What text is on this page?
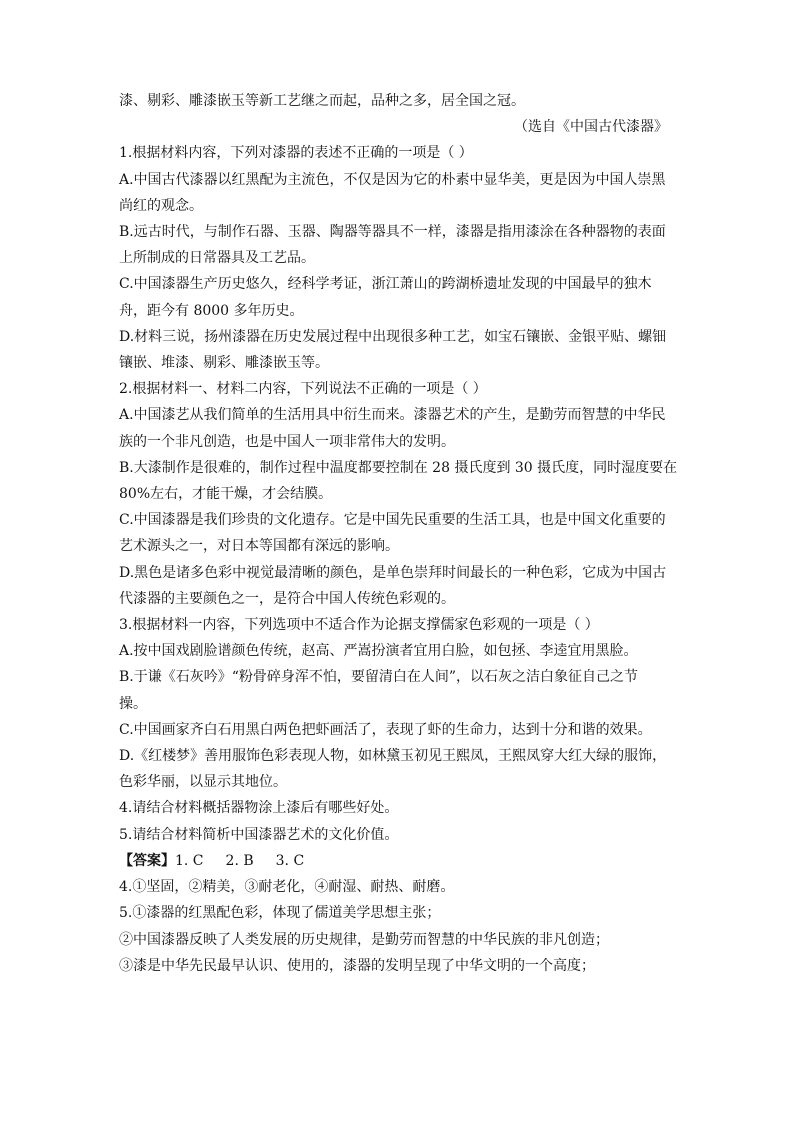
漆、剔彩、雕漆嵌玉等新工艺继之而起，品种之多，居全国之冠。
（选自《中国古代漆器》
1.根据材料内容，下列对漆器的表述不正确的一项是（ ）
A.中国古代漆器以红黑配为主流色，不仅是因为它的朴素中显华美，更是因为中国人崇黑
尚红的观念。
B.远古时代，与制作石器、玉器、陶器等器具不一样，漆器是指用漆涂在各种器物的表面
上所制成的日常器具及工艺品。
C.中国漆器生产历史悠久，经科学考证，浙江萧山的跨湖桥遗址发现的中国最早的独木
舟，距今有 8000 多年历史。
D.材料三说，扬州漆器在历史发展过程中出现很多种工艺，如宝石镶嵌、金银平贴、螺钿
镶嵌、堆漆、剔彩、雕漆嵌玉等。
2.根据材料一、材料二内容，下列说法不正确的一项是（ ）
A.中国漆艺从我们简单的生活用具中衍生而来。漆器艺术的产生，是勤劳而智慧的中华民
族的一个非凡创造，也是中国人一项非常伟大的发明。
B.大漆制作是很难的，制作过程中温度都要控制在 28 摄氏度到 30 摄氏度，同时湿度要在
80%左右，才能干燥，才会结膜。
C.中国漆器是我们珍贵的文化遗存。它是中国先民重要的生活工具，也是中国文化重要的
艺术源头之一，对日本等国都有深远的影响。
D.黑色是诸多色彩中视觉最清晰的颜色，是单色崇拜时间最长的一种色彩，它成为中国古
代漆器的主要颜色之一，是符合中国人传统色彩观的。
3.根据材料一内容，下列选项中不适合作为论据支撑儒家色彩观的一项是（ ）
A.按中国戏剧脸谱颜色传统，赵高、严嵩扮演者宜用白脸，如包拯、李逵宜用黑脸。
B.于谦《石灰吟》“粉骨碎身浑不怕，要留清白在人间”，以石灰之洁白象征自己之节
操。
C.中国画家齐白石用黑白两色把虾画活了，表现了虾的生命力，达到十分和谐的效果。
D.《红楼梦》善用服饰色彩表现人物，如林黛玉初见王熙凤，王熙凤穿大红大绿的服饰，
色彩华丽，以显示其地位。
4.请结合材料概括器物涂上漆后有哪些好处。
5.请结合材料简析中国漆器艺术的文化价值。
【答案】1. C 2. B 3. C
4.①坚固，②精美，③耐老化，④耐湿、耐热、耐磨。
5.①漆器的红黑配色彩，体现了儒道美学思想主张；
②中国漆器反映了人类发展的历史规律，是勤劳而智慧的中华民族的非凡创造；
③漆是中华先民最早认识、使用的，漆器的发明呈现了中华文明的一个高度；
